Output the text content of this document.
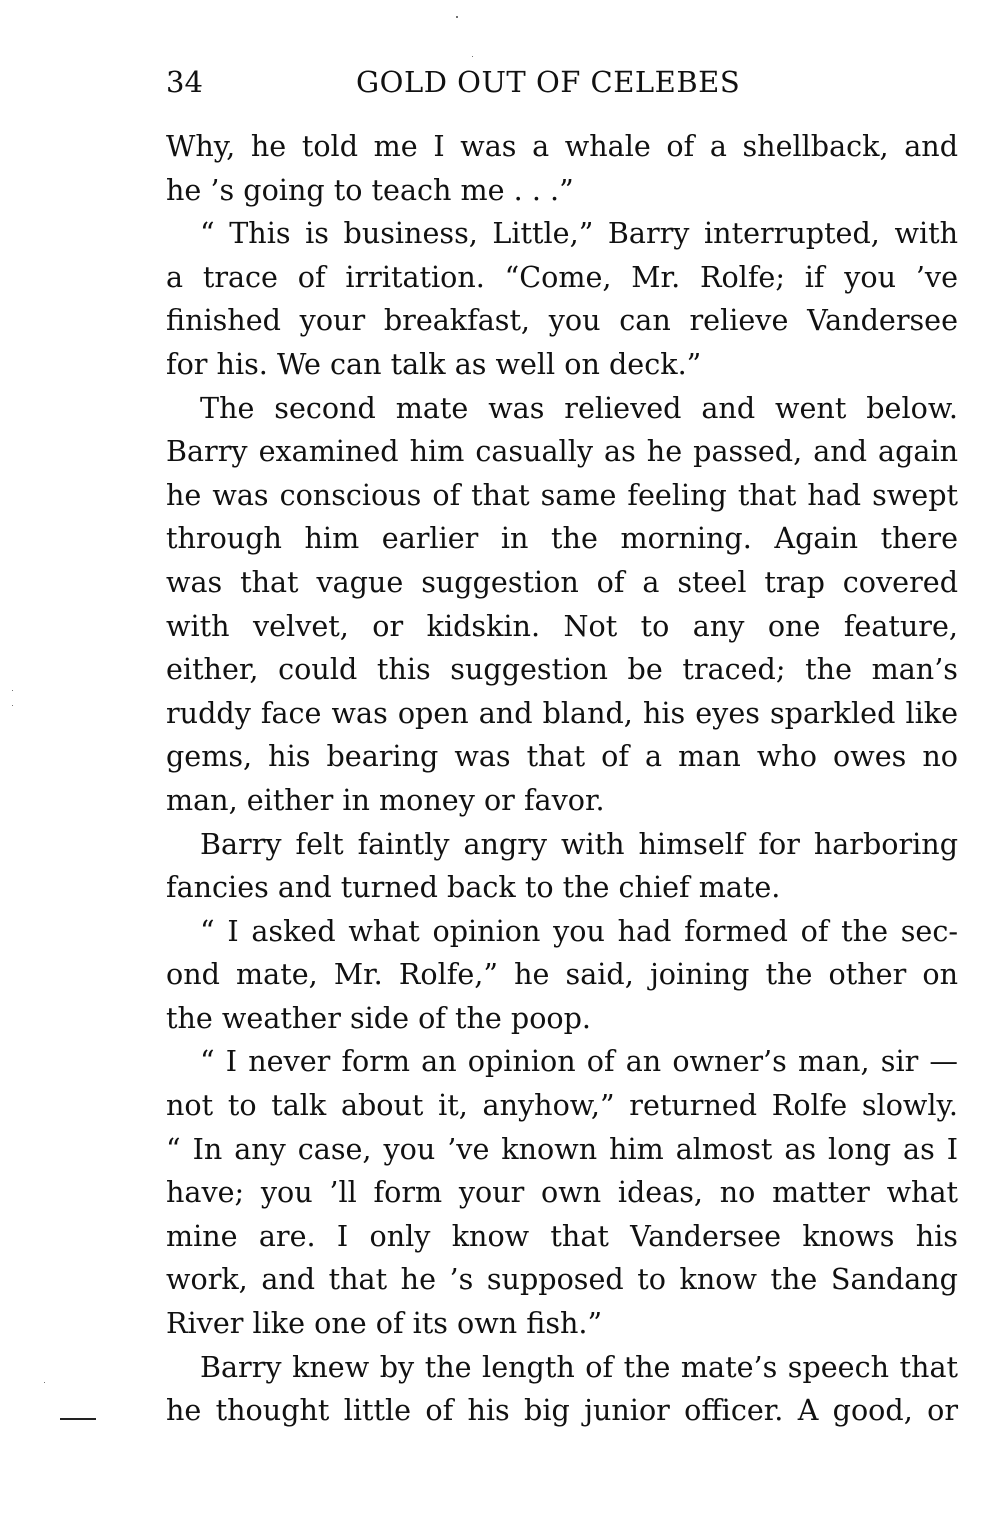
34	GOLD OUT OF CELEBES
Why, he told me I was a whale of a shellback, and
he ’s going to teach me . . .”
“ This is business, Little,” Barry interrupted, with
a trace of irritation. “Come, Mr. Rolfe; if you ’ve
finished your breakfast, you can relieve Vandersee
for his. We can talk as well on deck.”
The second mate was relieved and went below.
Barry examined him casually as he passed, and again
he was conscious of that same feeling that had swept
through him earlier in the morning. Again there
was that vague suggestion of a steel trap covered
with velvet, or kidskin. Not to any one feature,
either, could this suggestion be traced; the man’s
ruddy face was open and bland, his eyes sparkled like
gems, his bearing was that of a man who owes no
man, either in money or favor.
Barry felt faintly angry with himself for harboring
fancies and turned back to the chief mate.
“ I asked what opinion you had formed of the sec-
ond mate, Mr. Rolfe,” he said, joining the other on
the weather side of the poop.
“ I never form an opinion of an owner’s man, sir —
not to talk about it, anyhow,” returned Rolfe slowly.
“ In any case, you ’ve known him almost as long as I
have; you ’ll form your own ideas, no matter what
mine are. I only know that Vandersee knows his
work, and that he ’s supposed to know the Sandang
River like one of its own fish.”
Barry knew by the length of the mate’s speech that
he thought little of his big junior officer. A good, or
